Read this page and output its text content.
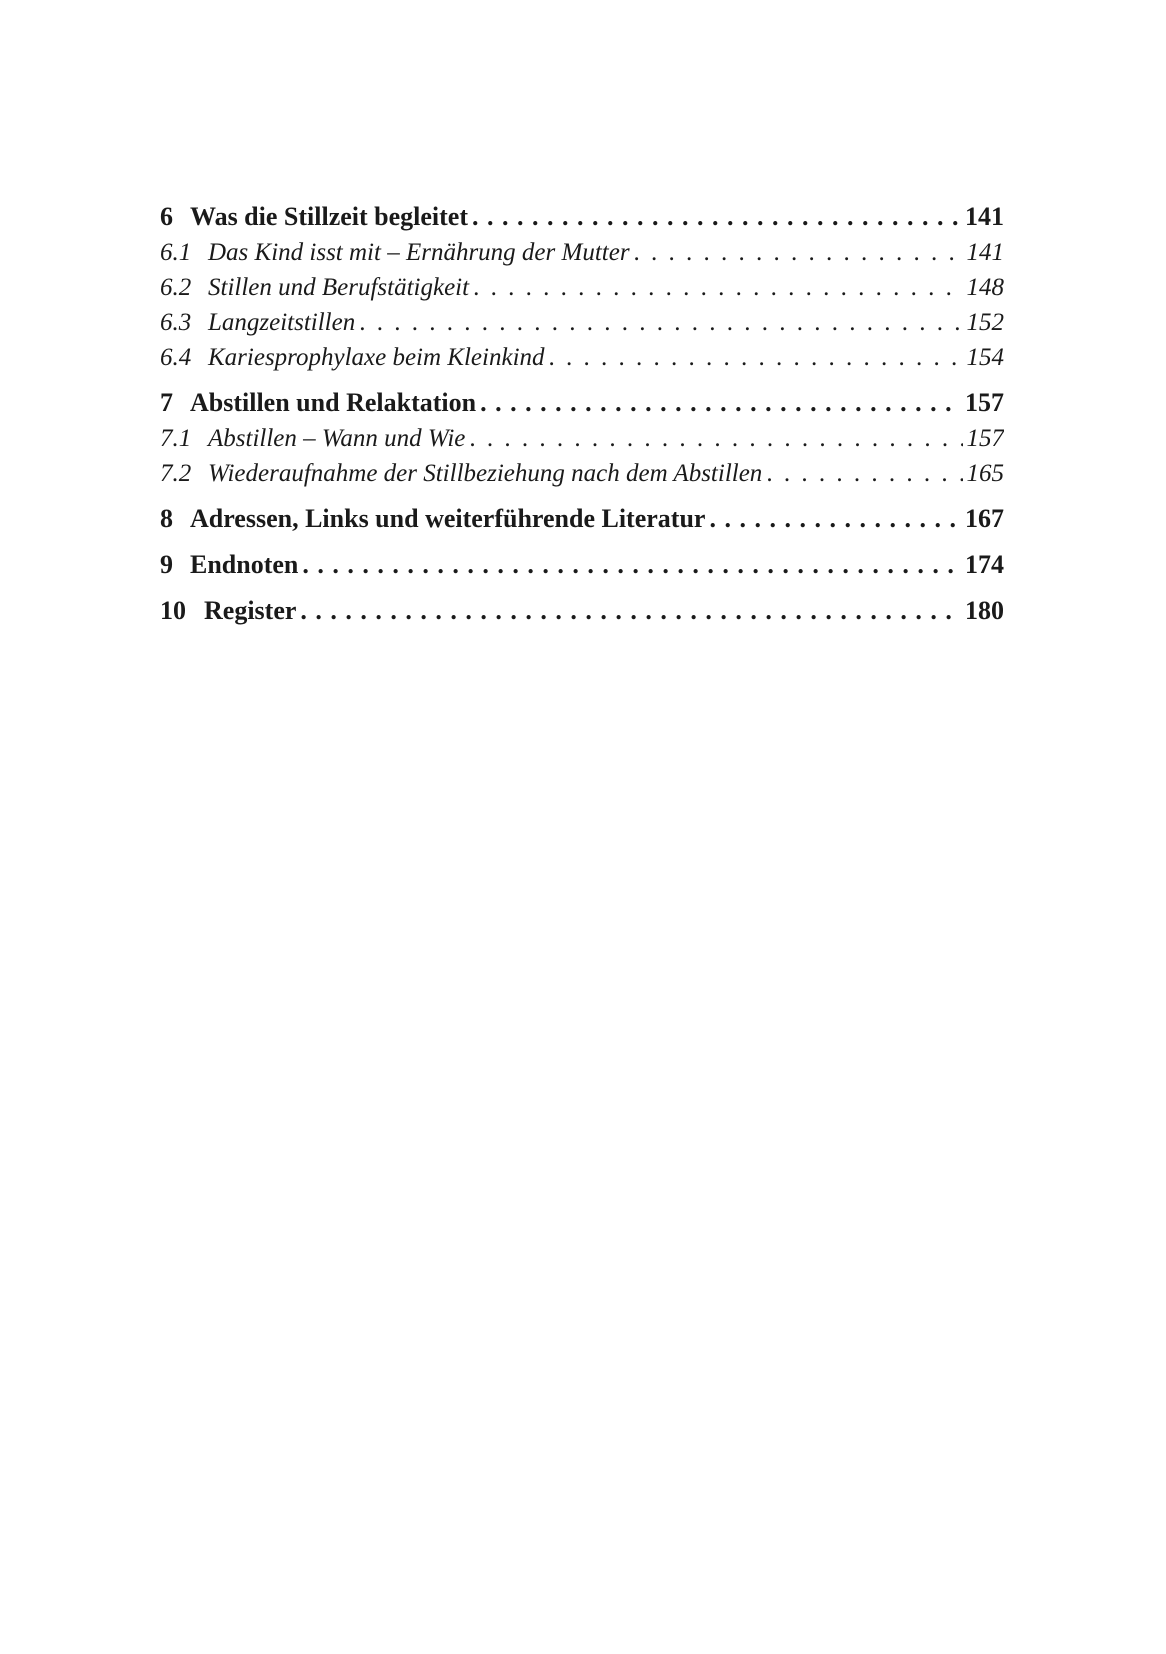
6 Was die Stillzeit begleitet . . .	141
6.1 Das Kind isst mit – Ernährung der Mutter . . .	141
6.2 Stillen und Berufstätigkeit . . .	148
6.3 Langzeitstillen . . .	152
6.4 Kariesprophylaxe beim Kleinkind . . .	154
7 Abstillen und Relaktation . . .	157
7.1 Abstillen – Wann und Wie . . .	157
7.2 Wiederaufnahme der Stillbeziehung nach dem Abstillen . . .	165
8 Adressen, Links und weiterführende Literatur . . .	167
9 Endnoten . . .	174
10 Register . . .	180
